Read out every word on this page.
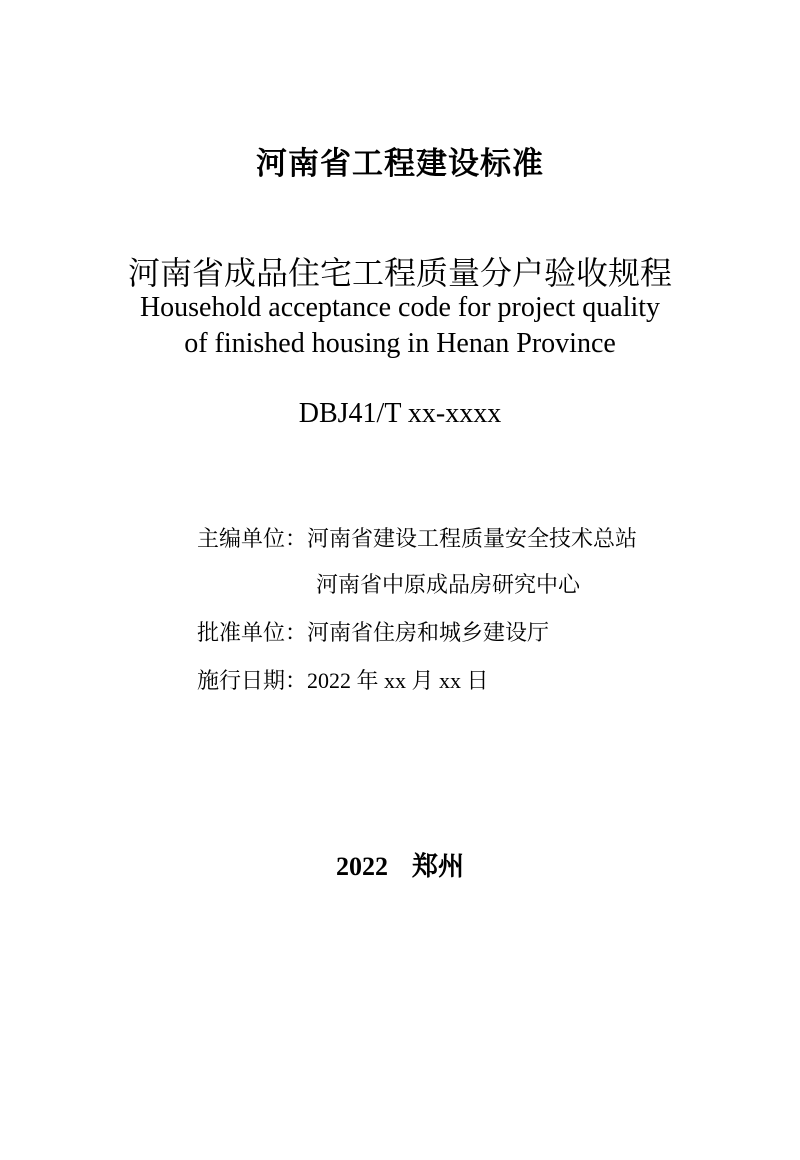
河南省工程建设标准
河南省成品住宅工程质量分户验收规程
Household acceptance code for project quality
of finished housing in Henan Province
DBJ41/T xx-xxxx
主编单位：河南省建设工程质量安全技术总站
河南省中原成品房研究中心
批准单位：河南省住房和城乡建设厅
施行日期：2022 年 xx 月 xx 日
2022 郑州
